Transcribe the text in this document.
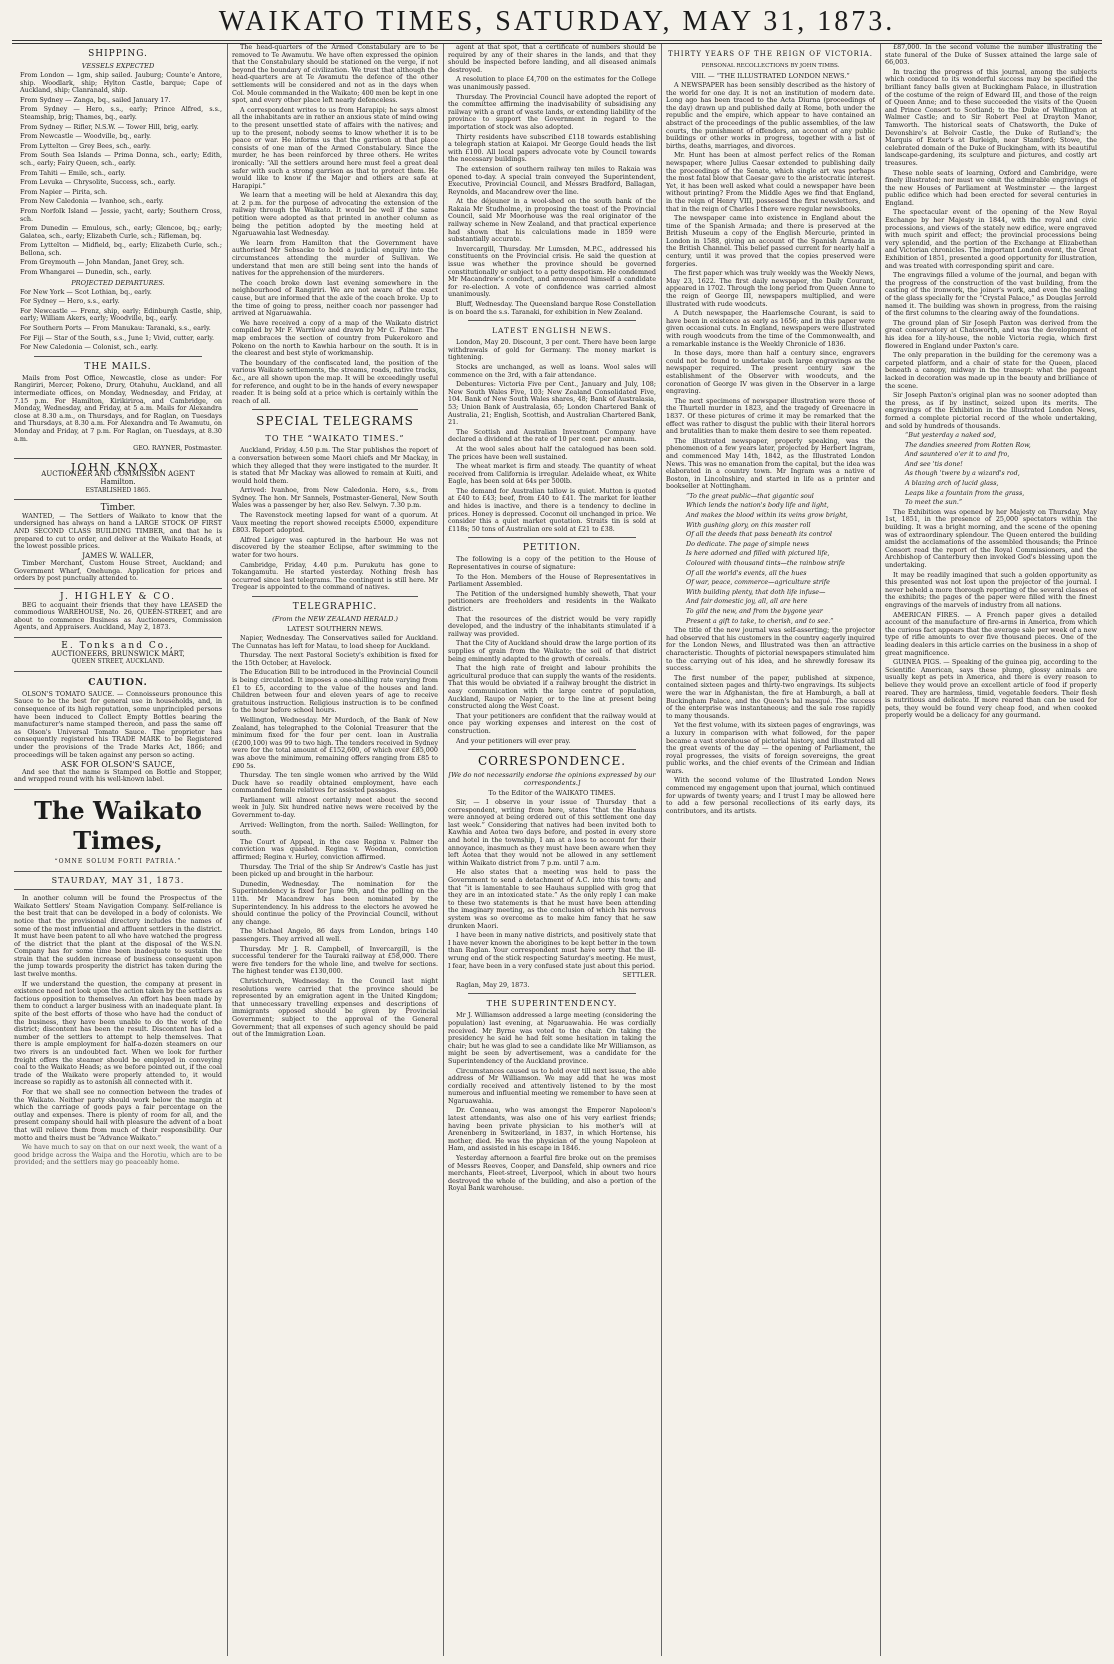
WAIKATO TIMES, SATURDAY, MAY 31, 1873.
SHIPPING.
VESSELS EXPECTED

From London — 1gm, ship sailed. Jauburg; Counte’e Antore, ship. Woodlark, ship; Hylton Castle, barque; Cape of Auckland, ship; Clanranald, ship.

From Sydney — Zanga, bq., sailed January 17.

From Sydney — Hero, s.s., early; Prince Alfred, s.s., Steamship, brig; Thames, bq., early.

From Sydney — Rifler, N.S.W. — Tower Hill, brig, early.

From Newcastle — Woodville, bq., early.

From Lyttelton — Grey Bees, sch., early.

From South Sea Islands — Prima Donna, sch., early; Edith, sch., early; Fairy Queen, sch., early.

From Tahiti — Emile, sch., early.

From Levuka — Chrysolite, Success, sch., early.

From Napier — Pirita, sch.

From New Caledonia — Ivanhoe, sch., early.

From Norfolk Island — Jessie, yacht, early; Southern Cross, sch.

From Dunedin — Emulous, sch., early; Glencoe, bq.; early; Galatea, sch., early; Elizabeth Curle, sch.; Rifleman, bq.

From Lyttelton — Midfield, bq., early; Elizabeth Curle, sch.; Bellona, sch.

From Greymouth — John Mandan, Janet Grey, sch.

From Whangarei — Dunedin, sch., early.

PROJECTED DEPARTURES.

For New York — Scot Lothian, bq., early.

For Sydney — Hero, s.s., early.

For Newcastle — Frenz, ship, early; Edinburgh Castle, ship, early; William Akers, early; Woodville, bq., early.

For Southern Ports — From Manukau: Taranaki, s.s., early.

For Fiji — Star of the South, s.s., June 1; Vivid, cutter, early.

For New Caledonia — Colonist, sch., early.

THE MAILS.

Mails from Post Office, Newcastle, close as under: For Rangiriri, Mercer, Pokeno, Drury, Otahuhu, Auckland, and all intermediate offices, on Monday, Wednesday, and Friday, at 7.15 p.m. For Hamilton, Kirikiriroa, and Cambridge, on Monday, Wednesday, and Friday, at 5 a.m. Mails for Alexandra close at 8.30 a.m., on Thursdays, and for Raglan, on Tuesdays and Thursdays, at 8.30 a.m. For Alexandra and Te Awamutu, on Monday and Friday, at 7 p.m. For Raglan, on Tuesdays, at 8.30 a.m.

GEO. RAYNER, Postmaster.

JOHN KNOX,
AUCTIONEER AND COMMISSION AGENT
Hamilton.
ESTABLISHED 1865.
Timber.

WANTED, — The Settlers of Waikato to know that the undersigned has always on hand a LARGE STOCK OF FIRST AND SECOND CLASS BUILDING TIMBER, and that he is prepared to cut to order, and deliver at the Waikato Heads, at the lowest possible prices.

JAMES W. WALLER,

Timber Merchant, Custom House Street, Auckland; and Government Wharf, Onehunga. Application for prices and orders by post punctually attended to.

J. HIGHLEY & CO.

BEG to acquaint their friends that they have LEASED the commodious WAREHOUSE, No. 26, QUEEN-STREET, and are about to commence Business as Auctioneers, Commission Agents, and Appraisers. Auckland, May 2, 1873.

E. Tonks and Co.,
AUCTIONEERS, BRUNSWICK MART,
QUEEN STREET, AUCKLAND.
CAUTION.

OLSON'S TOMATO SAUCE. — Connoisseurs pronounce this Sauce to be the best for general use in households, and, in consequence of its high reputation, some unprincipled persons have been induced to Collect Empty Bottles bearing the manufacturer's name stamped thereon, and pass the same off as Olson's Universal Tomato Sauce. The proprietor has consequently registered his TRADE MARK to be Registered under the provisions of the Trade Marks Act, 1866; and proceedings will be taken against any person so acting.

ASK FOR OLSON'S SAUCE,

And see that the name is Stamped on Bottle and Stopper, and wrapped round with his well-known label.

The Waikato Times,
“OMNE SOLUM FORTI PATRIA.”
STAURDAY, MAY 31, 1873.

In another column will be found the Prospectus of the Waikato Settlers' Steam Navigation Company. Self-reliance is the best trait that can be developed in a body of colonists. We notice that the provisional directory includes the names of some of the most influential and affluent settlers in the district. It must have been patent to all who have watched the progress of the district that the plant at the disposal of the W.S.N. Company has for some time been inadequate to sustain the strain that the sudden increase of business consequent upon the jump towards prosperity the district has taken during the last twelve months.

If we understand the question, the company at present in existence need not look upon the action taken by the settlers as factious opposition to themselves. An effort has been made by them to conduct a larger business with an inadequate plant. In spite of the best efforts of those who have had the conduct of the business, they have been unable to do the work of the district; discontent has been the result. Discontent has led a number of the settlers to attempt to help themselves. That there is ample employment for half-a-dozen steamers on our two rivers is an undoubted fact. When we look for further freight offers the steamer should be employed in conveying coal to the Waikato Heads; as we before pointed out, if the coal trade of the Waikato were properly attended to, it would increase so rapidly as to astonish all connected with it.

For that we shall see no connection between the trades of the Waikato. Neither party should work below the margin at which the carriage of goods pays a fair percentage on the outlay and expenses. There is plenty of room for all, and the present company should hail with pleasure the advent of a boat that will relieve them from much of their responsibility. Our motto and theirs must be “Advance Waikato.”

We have much to say on that on our next week, the want of a good bridge across the Waipa and the Horotiu, which are to be provided; and the settlers may go peaceably home.

The head-quarters of the Armed Constabulary are to be removed to Te Awamutu. We have often expressed the opinion that the Constabulary should be stationed on the verge, if not beyond the boundary of civilization. We trust that although the head-quarters are at Te Awamutu the defence of the other settlements will be considered and not as in the days when Col. Moule commanded in the Waikato; 400 men be kept in one spot, and every other place left nearly defenceless.

A correspondent writes to us from Harapipi; he says almost all the inhabitants are in rather an anxious state of mind owing to the present unsettled state of affairs with the natives; and up to the present, nobody seems to know whether it is to be peace or war. He informs us that the garrison at that place consists of one man of the Armed Constabulary. Since the murder, he has been reinforced by three others. He writes ironically: “All the settlers around here must feel a great deal safer with such a strong garrison as that to protect them. He would like to know if the Major and others are safe at Harapipi.”

We learn that a meeting will be held at Alexandra this day, at 2 p.m. for the purpose of advocating the extension of the railway through the Waikato. It would be well if the same petition were adopted as that printed in another column as being the petition adopted by the meeting held at Ngaruawahia last Wednesday.

We learn from Hamilton that the Government have authorised Mr Sebsacke to hold a judicial enquiry into the circumstances attending the murder of Sullivan. We understand that men are still being sent into the hands of natives for the apprehension of the murderers.

The coach broke down last evening somewhere in the neighbourhood of Rangiriri. We are not aware of the exact cause, but are informed that the axle of the coach broke. Up to the time of going to press, neither coach nor passenger had arrived at Ngaruawahia.

We have received a copy of a map of the Waikato district compiled by Mr F. Warrilow and drawn by Mr C. Palmer. The map embraces the section of country from Pukerokoro and Pokeno on the north to Kawhia harbour on the south. It is in the clearest and best style of workmanship.

The boundary of the confiscated land, the position of the various Waikato settlements, the streams, roads, native tracks, &c., are all shown upon the map. It will be exceedingly useful for reference, and ought to be in the hands of every newspaper reader. It is being sold at a price which is certainly within the reach of all.

SPECIAL TELEGRAMS
TO THE “WAIKATO TIMES.”

Auckland, Friday, 4.50 p.m. The Star publishes the report of a conversation between some Maori chiefs and Mr Mackay, in which they alleged that they were instigated to the murder. It is stated that Mr Mackay was allowed to remain at Kuiti, and would hold them.

Arrived: Ivanhoe, from New Caledonia. Hero, s.s., from Sydney. The hon. Mr Sannels, Postmaster-General, New South Wales was a passenger by her, also Rev. Selwyn. 7.30 p.m.

The Ravenstock meeting lapsed for want of a quorum. At Vaux meeting the report showed receipts £5000, expenditure £803. Report adopted.

Alfred Leiger was captured in the harbour. He was not discovered by the steamer Eclipse, after swimming to the water for two hours.

Cambridge, Friday, 4.40 p.m. Purukutu has gone to Tokangamutu. He started yesterday. Nothing fresh has occurred since last telegrams. The contingent is still here. Mr Tregear is appointed to the command of natives.

TELEGRAPHIC.
(From the NEW ZEALAND HERALD.)
LATEST SOUTHERN NEWS.

Napier, Wednesday. The Conservatives sailed for Auckland. The Cunnatas has left for Matau, to load sheep for Auckland.

Thursday. The next Pastoral Society's exhibition is fixed for the 15th October, at Havelock.

The Education Bill to be introduced in the Provincial Council is being circulated. It imposes a one-shilling rate varying from £1 to £5, according to the value of the houses and land. Children between four and eleven years of age to receive gratuitous instruction. Religious instruction is to be confined to the hour before school hours.

Wellington, Wednesday. Mr Murdoch, of the Bank of New Zealand, has telegraphed to the Colonial Treasurer that the minimum fixed for the four per cent. loan in Australia (£200,100) was 99 to two high. The tenders received in Sydney were for the total amount of £152,600, of which over £85,000 was above the minimum, remaining offers ranging from £85 to £90 5s.

Thursday. The ten single women who arrived by the Wild Duck have so readily obtained employment, have each commanded female relatives for assisted passages.

Parliament will almost certainly meet about the second week in July. Six hundred native news were received by the Government to-day.

Arrived: Wellington, from the north. Sailed: Wellington, for south.

The Court of Appeal, in the case Regina v. Palmer the conviction was quashed. Regina v. Woodman, conviction affirmed; Regina v. Hurley, conviction affirmed.

Thursday. The Trial of the ship Sr Andrew's Castle has just been picked up and brought in the harbour.

Dunedin, Wednesday. The nomination for the Superintendency is fixed for June 9th, and the polling on the 11th. Mr Macandrew has been nominated by the Superintendency. In his address to the electors he avowed he should continue the policy of the Provincial Council, without any change.

The Michael Angelo, 86 days from London, brings 140 passengers. They arrived all well.

Thursday. Mr J. R. Campbell, of Invercargill, is the successful tenderer for the Tauraki railway at £58,000. There were five tenders for the whole line, and twelve for sections. The highest tender was £130,000.

Christchurch, Wednesday. In the Council last night resolutions were carried that the province should be represented by an emigration agent in the United Kingdom; that unnecessary travelling expenses and descriptions of immigrants opposed should be given by Provincial Government; subject to the approval of the General Government; that all expenses of such agency should be paid out of the Immigration Loan.

agent at that spot, that a certificate of numbers should be required by any of their shares in the lands, and that they should be inspected before landing, and all diseased animals destroyed.

A resolution to place £4,700 on the estimates for the College was unanimously passed.

Thursday. The Provincial Council have adopted the report of the committee affirming the inadvisability of subsidising any railway with a grant of waste lands, or extending liability of the province to support the Government in regard to the importation of stock was also adopted.

Thirty residents have subscribed £118 towards establishing a telegraph station at Kaiapoi. Mr George Gould heads the list with £100. All local papers advocate vote by Council towards the necessary buildings.

The extension of southern railway ten miles to Rakaia was opened to-day. A special train conveyed the Superintendent, Executive, Provincial Council, and Messrs Bradford, Ballagan, Reynolds, and Macandrew over the line.

At the déjeuner in a wool-shed on the south bank of the Rakaia Mr Studholme, in proposing the toast of the Provincial Council, said Mr Moorhouse was the real originator of the railway scheme in New Zealand, and that practical experience had shown that his calculations made in 1859 were substantially accurate.

Invercargill, Thursday. Mr Lumsden, M.P.C., addressed his constituents on the Provincial crisis. He said the question at issue was whether the province should be governed constitutionally or subject to a petty despotism. He condemned Mr Macandrew's conduct, and announced himself a candidate for re-election. A vote of confidence was carried almost unanimously.

Bluff, Wednesday. The Queensland barque Rose Constellation is on board the s.s. Taranaki, for exhibition in New Zealand.

LATEST ENGLISH NEWS.

London, May 20. Discount, 3 per cent. There have been large withdrawals of gold for Germany. The money market is tightening.

Stocks are unchanged, as well as loans. Wool sales will commence on the 3rd, with a fair attendance.

Debentures: Victoria Five per Cent., January and July, 108; New South Wales Five, 103; New Zealand Consolidated Five, 104. Bank of New South Wales shares, 48; Bank of Australasia, 53; Union Bank of Australasia, 65; London Chartered Bank of Australia, 21; English, Scottish, and Australian Chartered Bank, 21.

The Scottish and Australian Investment Company have declared a dividend at the rate of 10 per cent. per annum.

At the wool sales about half the catalogued has been sold. The prices have been well sustained.

The wheat market is firm and steady. The quantity of wheat received from California is irregular. Adelaide wheat, ex White Eagle, has been sold at 64s per 500lb.

The demand for Australian tallow is quiet. Mutton is quoted at £40 to £43; beef, from £40 to £41. The market for leather and hides is inactive, and there is a tendency to decline in prices. Honey is depressed. Coconut oil unchanged in price. We consider this a quiet market quotation. Straits tin is sold at £118s; 50 tons of Australian ore sold at £21 to £38.

PETITION.

The following is a copy of the petition to the House of Representatives in course of signature:

To the Hon. Members of the House of Representatives in Parliament Assembled.

The Petition of the undersigned humbly sheweth, That your petitioners are freeholders and residents in the Waikato district.

That the resources of the district would be very rapidly developed, and the industry of the inhabitants stimulated if a railway was provided.

That the City of Auckland should draw the large portion of its supplies of grain from the Waikato; the soil of that district being eminently adapted to the growth of cereals.

That the high rate of freight and labour prohibits the agricultural produce that can supply the wants of the residents. That this would be obviated if a railway brought the district in easy communication with the large centre of population, Auckland, Raupo or Napier, or to the line at present being constructed along the West Coast.

That your petitioners are confident that the railway would at once pay working expenses and interest on the cost of construction.

And your petitioners will ever pray.

CORRESPONDENCE.
[We do not necessarily endorse the opinions expressed by our correspondents.]
To the Editor of the WAIKATO TIMES.

Sir, — I observe in your issue of Thursday that a correspondent, writing from here, states “that the Hauhaus were annoyed at being ordered out of this settlement one day last week.” Considering that natives had been invited both to Kawhia and Aotea two days before, and posted in every store and hotel in the township, I am at a loss to account for their annoyance, inasmuch as they must have been aware when they left Aotea that they would not be allowed in any settlement within Waikato district from 7 p.m. until 7 a.m.

He also states that a meeting was held to pass the Government to send a detachment of A.C. into this town; and that “it is lamentable to see Hauhaus supplied with grog that they are in an intoxicated state.” As the only reply I can make to these two statements is that he must have been attending the imaginary meeting, as the conclusion of which his nervous system was so overcome as to make him fancy that he saw drunken Maori.

I have been in many native districts, and positively state that I have never known the aborigines to be kept better in the town than Raglan. Your correspondent must have sorry that the ill-wrung end of the stick respecting Saturday's meeting. He must, I fear, have been in a very confused state just about this period.

SETTLER.

Raglan, May 29, 1873.

THE SUPERINTENDENCY.

Mr J. Williamson addressed a large meeting (considering the population) last evening, at Ngaruawahia. He was cordially received. Mr Byrne was voted to the chair. On taking the presidency he said he had felt some hesitation in taking the chair; but he was glad to see a candidate like Mr Williamson, as might be seen by advertisement, was a candidate for the Superintendency of the Auckland province.

Circumstances caused us to hold over till next issue, the able address of Mr Williamson. We may add that he was most cordially received and attentively listened to by the most numerous and influential meeting we remember to have seen at Ngaruawahia.

Dr. Conneau, who was amongst the Emperor Napoleon's latest attendants, was also one of his very earliest friends; having been private physician to his mother's will at Arenenberg in Switzerland, in 1837, in which Hortense, his mother, died. He was the physician of the young Napoleon at Ham, and assisted in his escape in 1846.

Yesterday afternoon a fearful fire broke out on the premises of Messrs Reeves, Cooper, and Dansfeld, ship owners and rice merchants, Fleet-street, Liverpool, which in about two hours destroyed the whole of the building, and also a portion of the Royal Bank warehouse.

THIRTY YEARS OF THE REIGN OF VICTORIA.
PERSONAL RECOLLECTIONS BY JOHN TIMBS.
VIII. — “THE ILLUSTRATED LONDON NEWS.”

A NEWSPAPER has been sensibly described as the history of the world for one day. It is not an institution of modern date. Long ago has been traced to the Acta Diurna (proceedings of the day) drawn up and published daily at Rome, both under the republic and the empire, which appear to have contained an abstract of the proceedings of the public assemblies, of the law courts, the punishment of offenders, an account of any public buildings or other works in progress, together with a list of births, deaths, marriages, and divorces.

Mr. Hunt has been at almost perfect relics of the Roman newspaper, where Julius Caesar extended to publishing daily the proceedings of the Senate, which single art was perhaps the most fatal blow that Caesar gave to the aristocratic interest. Yet, it has been well asked what could a newspaper have been without printing? From the Middle Ages we find that England, in the reign of Henry VIII, possessed the first newsletters, and that in the reign of Charles I there were regular newsbooks.

The newspaper came into existence in England about the time of the Spanish Armada; and there is preserved at the British Museum a copy of the English Mercurie, printed in London in 1588, giving an account of the Spanish Armada in the British Channel. This belief passed current for nearly half a century, until it was proved that the copies preserved were forgeries.

The first paper which was truly weekly was the Weekly News, May 23, 1622. The first daily newspaper, the Daily Courant, appeared in 1702. Through the long period from Queen Anne to the reign of George III, newspapers multiplied, and were illustrated with rude woodcuts.

A Dutch newspaper, the Haarlemsche Courant, is said to have been in existence as early as 1656; and in this paper were given occasional cuts. In England, newspapers were illustrated with rough woodcuts from the time of the Commonwealth, and a remarkable instance is the Weekly Chronicle of 1836.

In those days, more than half a century since, engravers could not be found to undertake such large engravings as the newspaper required. The present century saw the establishment of the Observer with woodcuts, and the coronation of George IV was given in the Observer in a large engraving.

The next specimens of newspaper illustration were those of the Thurtell murder in 1823, and the tragedy of Greenacre in 1837. Of these pictures of crime it may be remarked that the effect was rather to disgust the public with their literal horrors and brutalities than to make them desire to see them repeated.

The illustrated newspaper, properly speaking, was the phenomenon of a few years later, projected by Herbert Ingram, and commenced May 14th, 1842, as the Illustrated London News. This was no emanation from the capital, but the idea was elaborated in a country town. Mr Ingram was a native of Boston, in Lincolnshire, and started in life as a printer and bookseller at Nottingham.

“To the great public—that gigantic soul

Which lends the nation's body life and light,

And makes the blood within its veins grow bright,

With gushing glory, on this master roll

Of all the deeds that pass beneath its control

Do dedicate. The page of simple news

Is here adorned and filled with pictured life,

Coloured with thousand tints—the rainbow strife

Of all the world's events, all the hues

Of war, peace, commerce—agriculture strife

With building plenty, that doth life infuse—

And fair domestic joy, all, all are here

To gild the new, and from the bygone year

Present a gift to take, to cherish, and to see.”

The title of the new journal was self-asserting; the projector had observed that his customers in the country eagerly inquired for the London News, and Illustrated was then an attractive characteristic. Thoughts of pictorial newspapers stimulated him to the carrying out of his idea, and he shrewdly foresaw its success.

The first number of the paper, published at sixpence, contained sixteen pages and thirty-two engravings. Its subjects were the war in Afghanistan, the fire at Hamburgh, a ball at Buckingham Palace, and the Queen's bal masqué. The success of the enterprise was instantaneous; and the sale rose rapidly to many thousands.

Yet the first volume, with its sixteen pages of engravings, was a luxury in comparison with what followed, for the paper became a vast storehouse of pictorial history, and illustrated all the great events of the day — the opening of Parliament, the royal progresses, the visits of foreign sovereigns, the great public works, and the chief events of the Crimean and Indian wars.

With the second volume of the Illustrated London News commenced my engagement upon that journal, which continued for upwards of twenty years; and I trust I may be allowed here to add a few personal recollections of its early days, its contributors, and its artists.

£87,000. In the second volume the number illustrating the state funeral of the Duke of Sussex attained the large sale of 66,003.

In tracing the progress of this journal, among the subjects which conduced to its wonderful success may be specified the brilliant fancy balls given at Buckingham Palace, in illustration of the costume of the reign of Edward III, and those of the reign of Queen Anne; and to these succeeded the visits of the Queen and Prince Consort to Scotland; to the Duke of Wellington at Walmer Castle; and to Sir Robert Peel at Drayton Manor, Tamworth. The historical seats of Chatsworth, the Duke of Devonshire's at Belvoir Castle, the Duke of Rutland's; the Marquis of Exeter's at Burleigh, near Stamford; Stowe, the celebrated domain of the Duke of Buckingham, with its beautiful landscape-gardening, its sculpture and pictures, and costly art treasures.

These noble seats of learning, Oxford and Cambridge, were finely illustrated; nor must we omit the admirable engravings of the new Houses of Parliament at Westminster — the largest public edifice which had been erected for several centuries in England.

The spectacular event of the opening of the New Royal Exchange by her Majesty in 1844, with the royal and civic processions, and views of the stately new edifice, were engraved with much spirit and effect; the provincial processions being very splendid, and the portion of the Exchange at Elizabethan and Victorian chronicles. The important London event, the Great Exhibition of 1851, presented a good opportunity for illustration, and was treated with corresponding spirit and care.

The engravings filled a volume of the journal, and began with the progress of the construction of the vast building, from the casting of the ironwork, the joiner's work, and even the sealing of the glass specially for the “Crystal Palace,” as Douglas Jerrold named it. The building was shown in progress, from the raising of the first columns to the clearing away of the foundations.

The ground plan of Sir Joseph Paxton was derived from the great conservatory at Chatsworth, and was the development of his idea for a lily-house, the noble Victoria regia, which first flowered in England under Paxton's care.

The only preparation in the building for the ceremony was a carpeted platform, and a chair of state for the Queen, placed beneath a canopy, midway in the transept: what the pageant lacked in decoration was made up in the beauty and brilliance of the scene.

Sir Joseph Paxton's original plan was no sooner adopted than the press, as if by instinct, seized upon its merits. The engravings of the Exhibition in the Illustrated London News, formed a complete pictorial record of the whole undertaking, and sold by hundreds of thousands.

“But yesterday a naked sod,

The dandies sneered from Rotten Row,

And sauntered o'er it to and fro,

And see 'tis done!

As though 'twere by a wizard's rod,

A blazing arch of lucid glass,

Leaps like a fountain from the grass,

To meet the sun.”

The Exhibition was opened by her Majesty on Thursday, May 1st, 1851, in the presence of 25,000 spectators within the building. It was a bright morning, and the scene of the opening was of extraordinary splendour. The Queen entered the building amidst the acclamations of the assembled thousands; the Prince Consort read the report of the Royal Commissioners, and the Archbishop of Canterbury then invoked God's blessing upon the undertaking.

It may be readily imagined that such a golden opportunity as this presented was not lost upon the projector of the journal. I never beheld a more thorough reporting of the several classes of the exhibits; the pages of the paper were filled with the finest engravings of the marvels of industry from all nations.

AMERICAN FIRES. — A French paper gives a detailed account of the manufacture of fire-arms in America, from which the curious fact appears that the average sale per week of a new type of rifle amounts to over five thousand pieces. One of the leading dealers in this article carries on the business in a shop of great magnificence.

GUINEA PIGS. — Speaking of the guinea pig, according to the Scientific American, says these plump, glossy animals are usually kept as pets in America, and there is every reason to believe they would prove an excellent article of food if properly reared. They are harmless, timid, vegetable feeders. Their flesh is nutritious and delicate. If more reared than can be used for pets, they would be found very cheap food, and when cooked properly would be a delicacy for any gourmand.
